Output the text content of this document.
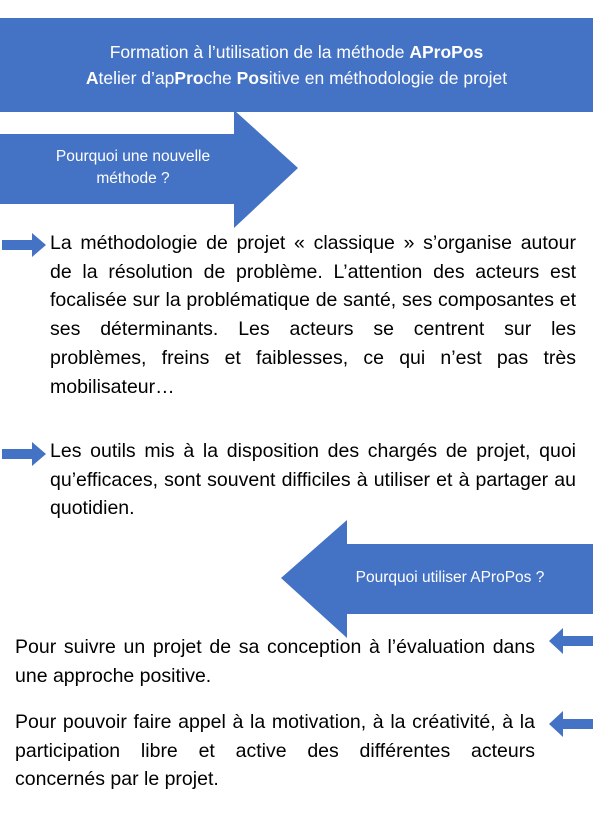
Formation à l’utilisation de la méthode AProPos
Atelier d’apProche Positive en méthodologie de projet
Pourquoi une nouvelle
méthode ?
La méthodologie de projet « classique » s’organise autour de la résolution de problème. L’attention des acteurs est focalisée sur la problématique de santé, ses composantes et ses déterminants. Les acteurs se centrent sur les problèmes, freins et faiblesses, ce qui n’est pas très mobilisateur…
Les outils mis à la disposition des chargés de projet, quoi qu’efficaces, sont souvent difficiles à utiliser et à partager au quotidien.
Pourquoi utiliser AProPos ?
Pour suivre un projet de sa conception à l’évaluation dans une approche positive.
Pour pouvoir faire appel à la motivation, à la créativité, à la participation libre et active des différentes acteurs concernés par le projet.
